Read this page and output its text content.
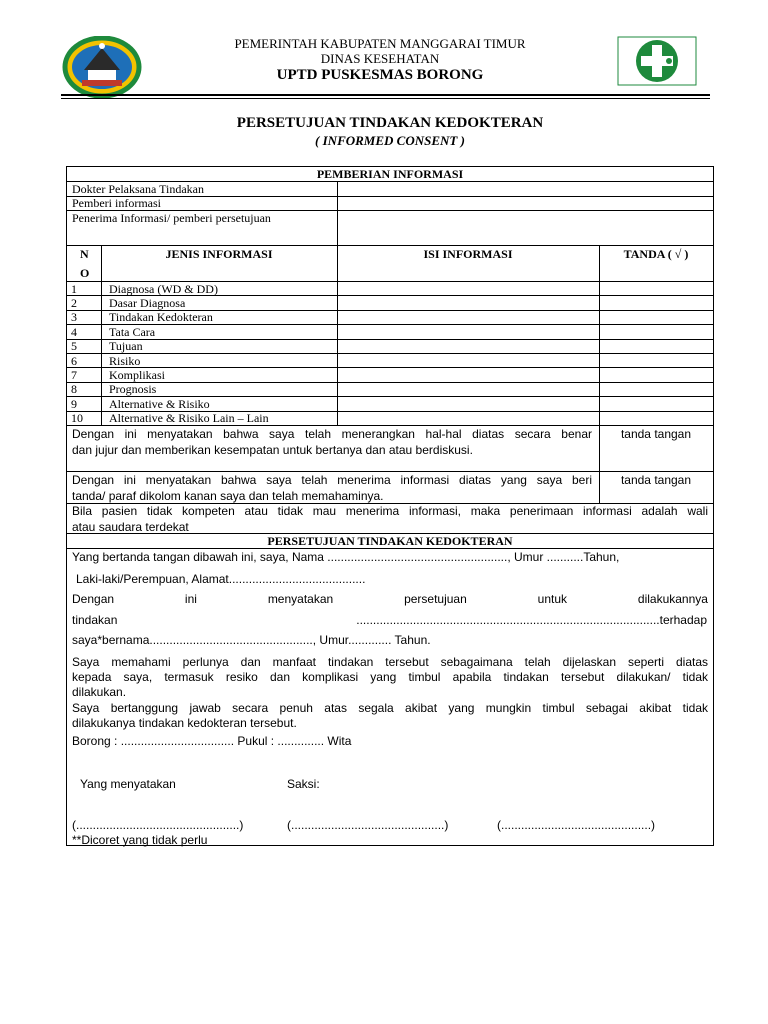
PEMERINTAH KABUPATEN MANGGARAI TIMUR
DINAS KESEHATAN
UPTD PUSKESMAS BORONG
PERSETUJUAN TINDAKAN KEDOKTERAN
( INFORMED CONSENT )
PEMBERIAN INFORMASI
Dokter Pelaksana Tindakan
Pemberi informasi
Penerima Informasi/ pemberi persetujuan
N
O
JENIS INFORMASI	ISI INFORMASI	TANDA ( √ )
1	Diagnosa (WD & DD)
2	Dasar Diagnosa
3	Tindakan Kedokteran
4	Tata Cara
5	Tujuan
6	Risiko
7	Komplikasi
8	Prognosis
9	Alternative & Risiko
10 Alternative & Risiko Lain – Lain
Dengan ini menyatakan bahwa saya telah menerangkan hal-hal diatas secara benar
dan jujur dan memberikan kesempatan untuk bertanya dan atau berdiskusi.
tanda tangan
Dengan ini menyatakan bahwa saya telah menerima informasi diatas yang saya beri
tanda/ paraf dikolom kanan saya dan telah memahaminya.
tanda tangan
Bila pasien tidak kompeten atau tidak mau menerima informasi, maka penerimaan informasi adalah wali
atau saudara terdekat
PERSETUJUAN TINDAKAN KEDOKTERAN
Yang bertanda tangan dibawah ini, saya, Nama ......................................................, Umur ...........Tahun,
Laki-laki/Perempuan, Alamat.........................................
Dengan	ini	menyatakan	persetujuan	untuk	dilakukannya
tindakan	...........................................................................................terhadap
saya*bernama................................................., Umur............. Tahun.
Saya memahami perlunya dan manfaat tindakan tersebut sebagaimana telah dijelaskan seperti diatas
kepada saya, termasuk resiko dan komplikasi yang timbul apabila tindakan tersebut dilakukan/ tidak
dilakukan.
Saya bertanggung jawab secara penuh atas segala akibat yang mungkin timbul sebagai akibat tidak
dilakukanya tindakan kedokteran tersebut.
Borong : .................................. Pukul : .............. Wita
Yang menyatakan	Saksi:
(.................................................)	(..............................................)	(.............................................)
**Dicoret yang tidak perlu
